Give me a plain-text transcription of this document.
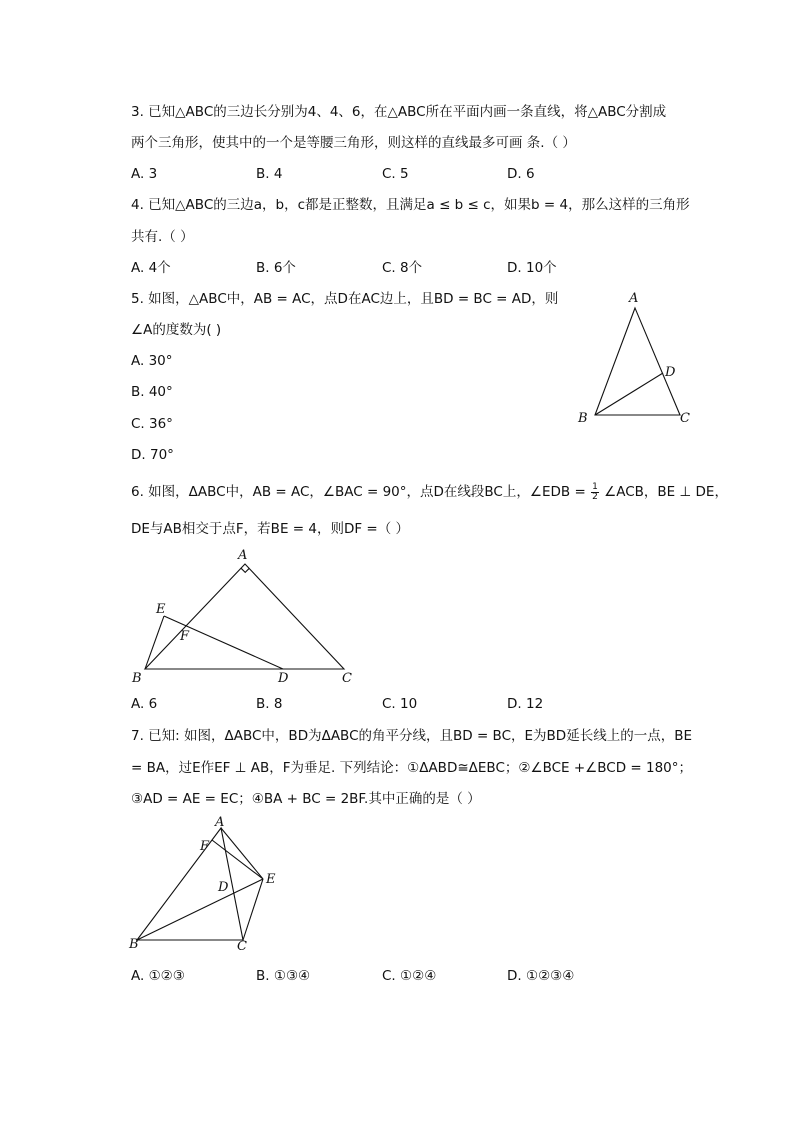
3. 已知△ABC的三边长分别为4、4、6，在△ABC所在平面内画一条直线，将△ABC分割成
两个三角形，使其中的一个是等腰三角形，则这样的直线最多可画 条.（ ）
A. 3	B. 4	C. 5	D. 6
4. 已知△ABC的三边a，b，c都是正整数，且满足a ≤ b ≤ c，如果b = 4，那么这样的三角形
共有.（ ）
A. 4个	B. 6个	C. 8个	D. 10个
5. 如图，△ABC中，AB = AC，点D在AC边上，且BD = BC = AD，则
∠A的度数为( )
A. 30°
B. 40°
C. 36°
D. 70°
A
B	C
D
6. 如图，ΔABC中，AB = AC，∠BAC = 90°，点D在线段BC上，∠EDB = $\frac{1}{2}$ ∠ACB，BE ⊥ DE，
DE与AB相交于点F，若BE = 4，则DF =（ ）
A
B	C
D
E
F
A. 6	B. 8	C. 10	D. 12
7. 已知: 如图，ΔABC中，BD为ΔABC的角平分线，且BD = BC，E为BD延长线上的一点，BE
= BA，过E作EF ⊥ AB，F为垂足. 下列结论：①ΔABD≅ΔEBC；②∠BCE +∠BCD = 180°；
③AD = AE = EC；④BA + BC = 2BF.其中正确的是（ ）
A
B	C
D
E
F
A. ①②③	B. ①③④	C. ①②④	D. ①②③④
